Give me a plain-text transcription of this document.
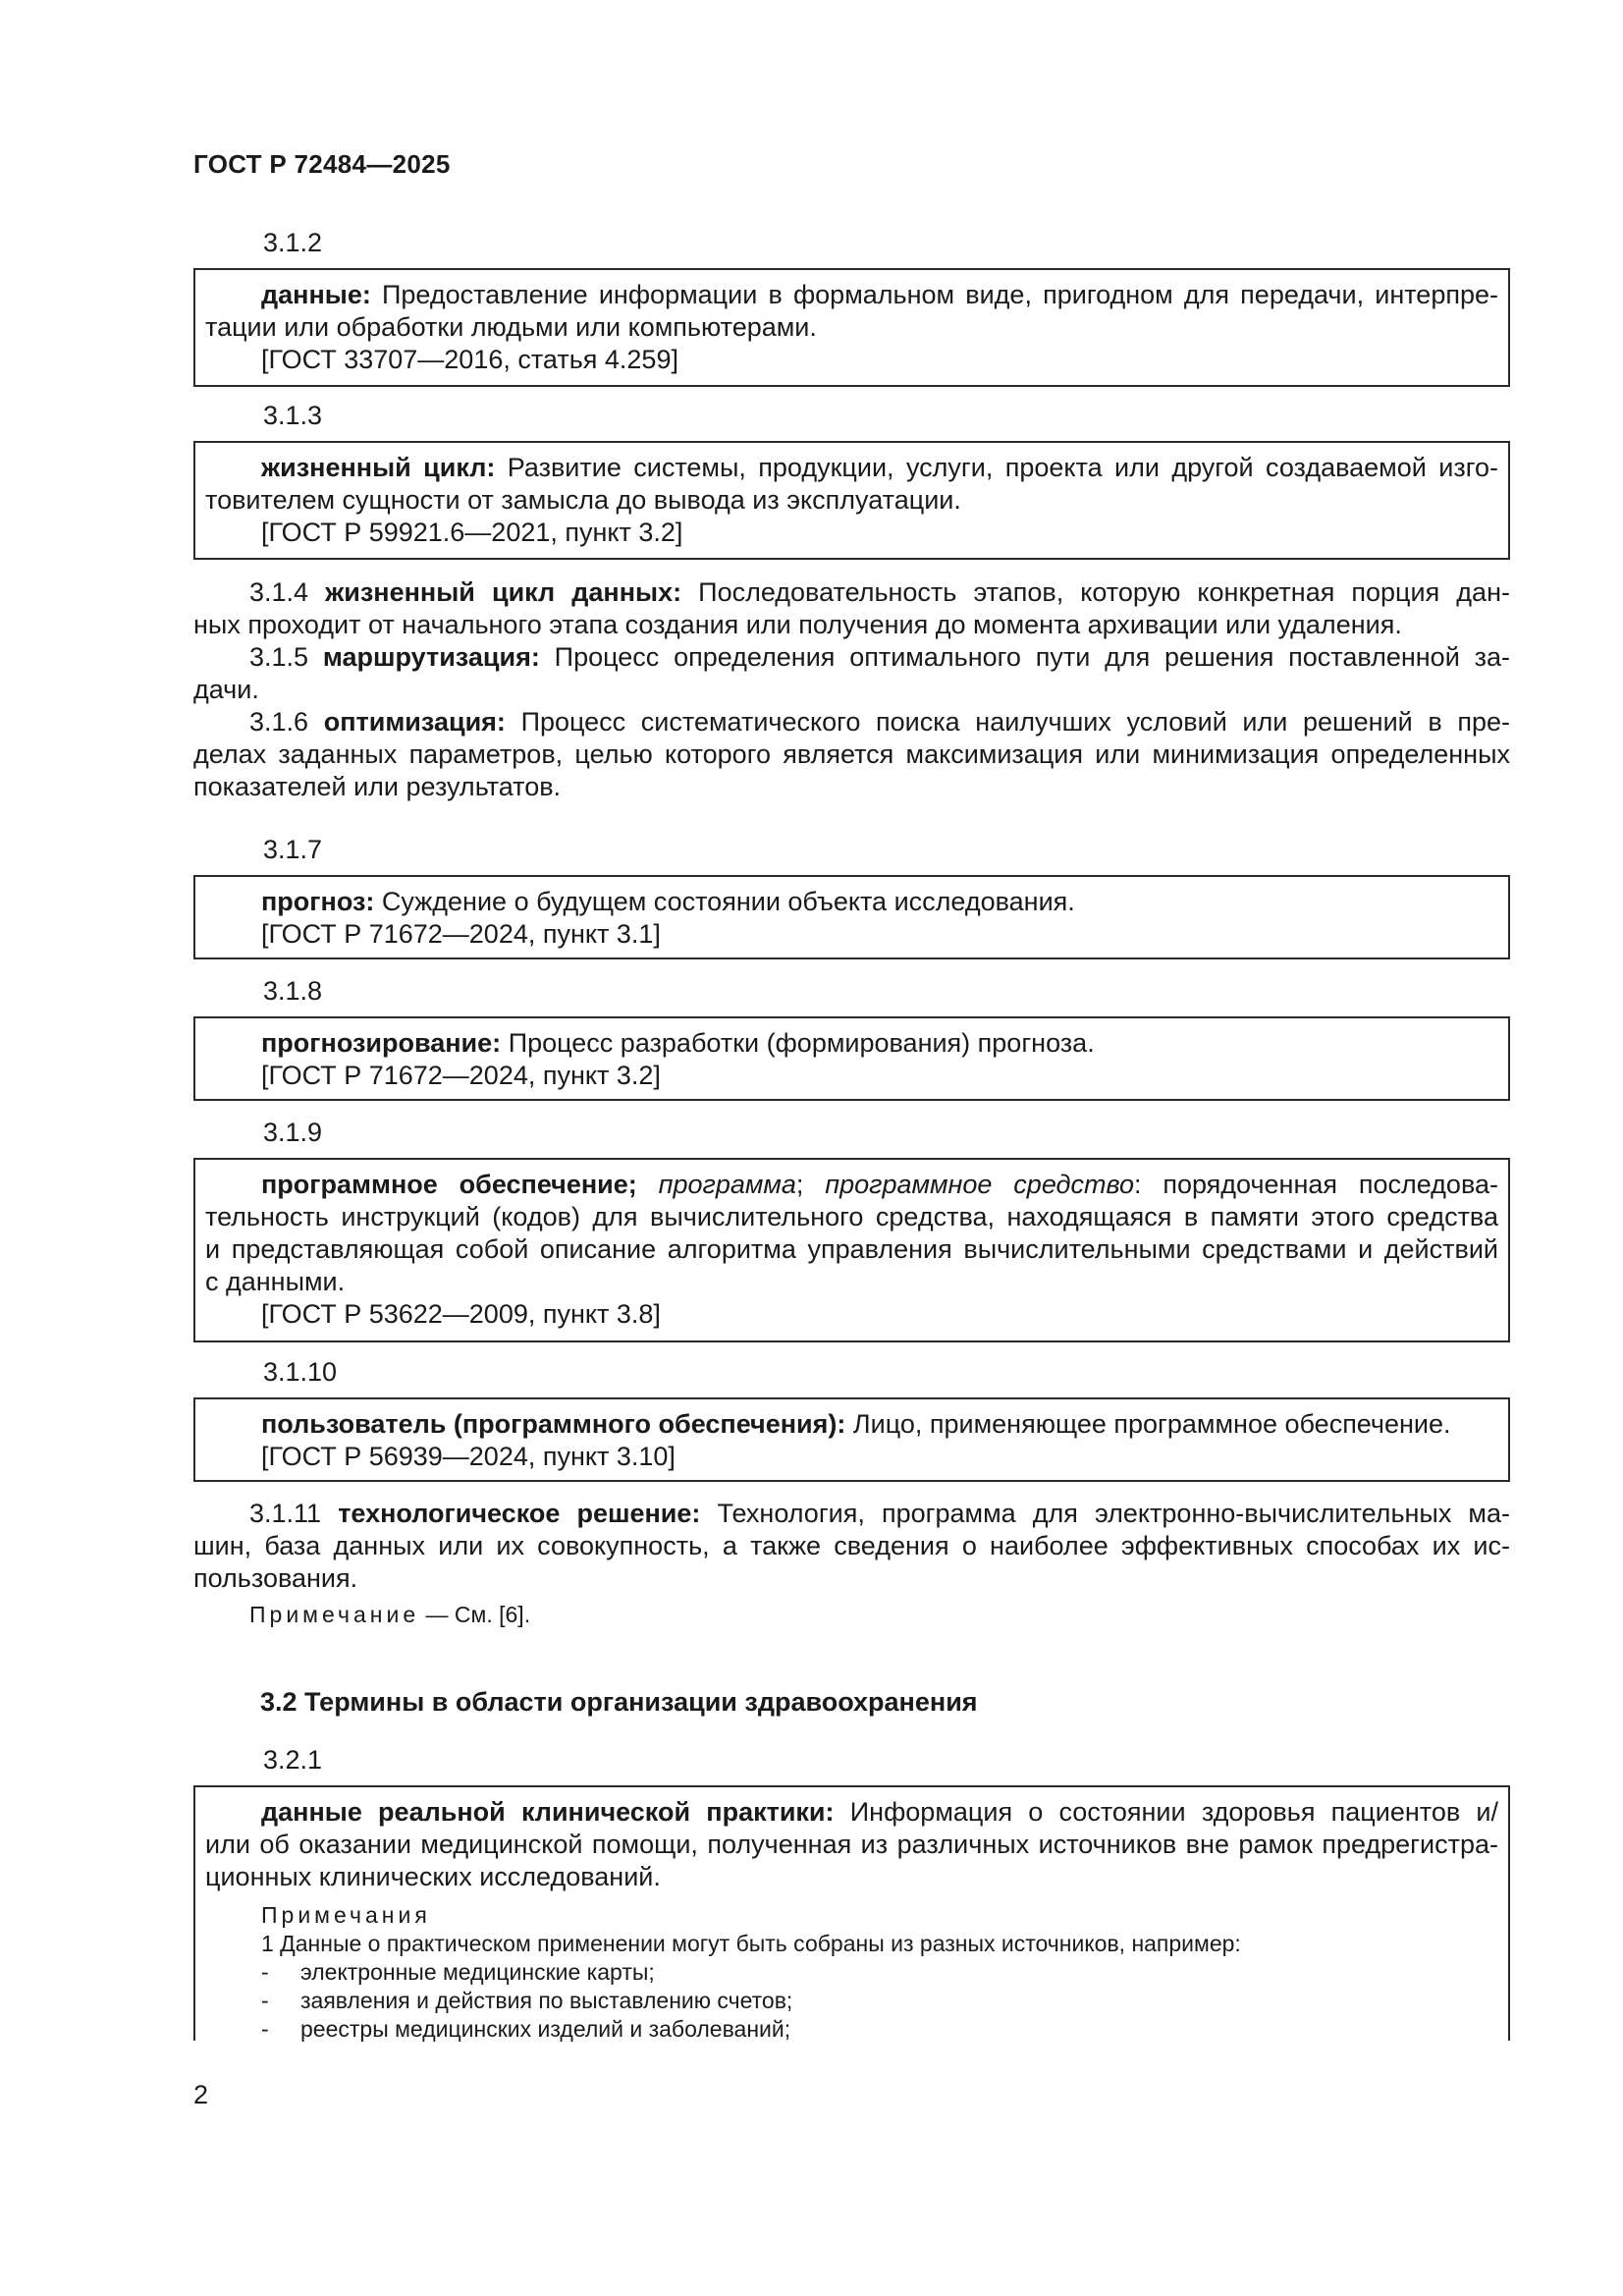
ГОСТ Р 72484—2025
3.1.2
данные: Предоставление информации в формальном виде, пригодном для передачи, интерпре-
тации или обработки людьми или компьютерами.
[ГОСТ 33707—2016, статья 4.259]
3.1.3
жизненный цикл: Развитие системы, продукции, услуги, проекта или другой создаваемой изго-
товителем сущности от замысла до вывода из эксплуатации.
[ГОСТ Р 59921.6—2021, пункт 3.2]
3.1.4 жизненный цикл данных: Последовательность этапов, которую конкретная порция дан-
ных проходит от начального этапа создания или получения до момента архивации или удаления.
3.1.5 маршрутизация: Процесс определения оптимального пути для решения поставленной за-
дачи.
3.1.6 оптимизация: Процесс систематического поиска наилучших условий или решений в пре-
делах заданных параметров, целью которого является максимизация или минимизация определенных
показателей или результатов.
3.1.7
прогноз: Суждение о будущем состоянии объекта исследования.
[ГОСТ Р 71672—2024, пункт 3.1]
3.1.8
прогнозирование: Процесс разработки (формирования) прогноза.
[ГОСТ Р 71672—2024, пункт 3.2]
3.1.9
программное обеспечение; программа; программное средство: порядоченная последова-
тельность инструкций (кодов) для вычислительного средства, находящаяся в памяти этого средства
и представляющая собой описание алгоритма управления вычислительными средствами и действий
с данными.
[ГОСТ Р 53622—2009, пункт 3.8]
3.1.10
пользователь (программного обеспечения): Лицо, применяющее программное обеспечение.
[ГОСТ Р 56939—2024, пункт 3.10]
3.1.11 технологическое решение: Технология, программа для электронно-вычислительных ма-
шин, база данных или их совокупность, а также сведения о наиболее эффективных способах их ис-
пользования.
Примечание — См. [6].
3.2 Термины в области организации здравоохранения
3.2.1
данные реальной клинической практики: Информация о состоянии здоровья пациентов и/
или об оказании медицинской помощи, полученная из различных источников вне рамок предрегистра-
ционных клинических исследований.
Примечания
1 Данные о практическом применении могут быть собраны из разных источников, например:
- электронные медицинские карты;
- заявления и действия по выставлению счетов;
- реестры медицинских изделий и заболеваний;
2
